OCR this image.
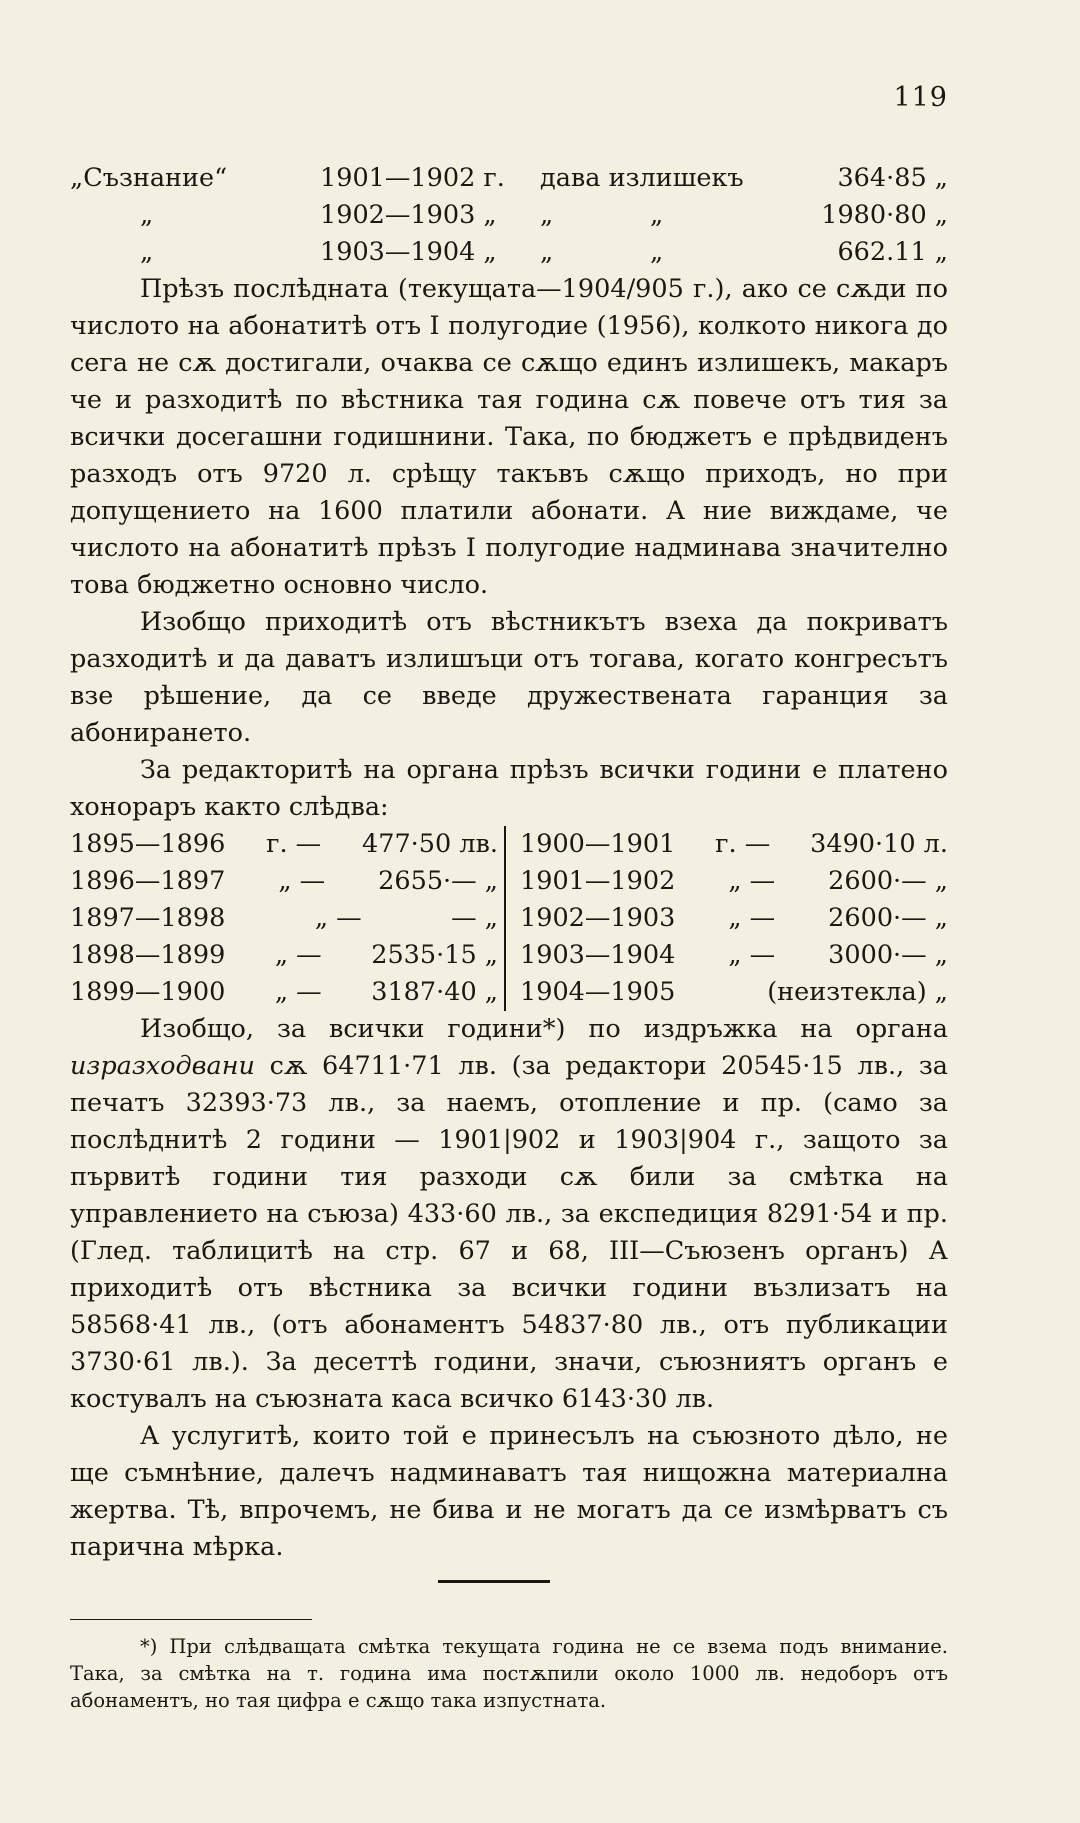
119
„Съзнание“	1901—1902 г.	дава излишекъ	364·85 „
„	1902—1903 „	„	„	1980·80 „
„	1903—1904 „	„	„	662.11 „

Прѣзъ послѣдната (текущата—1904/905 г.), ако се сѫди по числото на абонатитѣ отъ I полугодие (1956), колкото никога до сега не сѫ достигали, очаква се сѫщо единъ излишекъ, макаръ че и разходитѣ по вѣстника тая година сѫ повече отъ тия за всички досегашни годишнини. Така, по бюджетъ е прѣдвиденъ разходъ отъ 9720 л. срѣщу такъвъ сѫщо приходъ, но при допущението на 1600 платили абонати. А ние виждаме, че числото на абонатитѣ прѣзъ I полугодие надминава значително това бюджетно основно число.

Изобщо приходитѣ отъ вѣстникътъ взеха да покриватъ разходитѣ и да даватъ излишъци отъ тогава, когато конгресътъ взе рѣшение, да се введе дружествената гаранция за абонирането.

За редакторитѣ на органа прѣзъ всички години е платено хонораръ както слѣдва:

1895—1896 г. — 477·50 лв.
1896—1897 „ — 2655·— „
1897—1898	„ —	— „
1898—1899 „ — 2535·15 „
1899—1900 „ — 3187·40 „
1900—1901 г. — 3490·10 л.
1901—1902 „ — 2600·— „
1902—1903 „ — 2600·— „
1903—1904 „ — 3000·— „
1904—1905	(неизтекла) „

Изобщо, за всички години*) по издръжка на органа изразходвани сѫ 64711·71 лв. (за редактори 20545·15 лв., за печатъ 32393·73 лв., за наемъ, отопление и пр. (само за послѣднитѣ 2 години — 1901|902 и 1903|904 г., защото за първитѣ години тия разходи сѫ били за смѣтка на управлението на съюза) 433·60 лв., за експедиция 8291·54 и пр. (Глед. таблицитѣ на стр. 67 и 68, III—Съюзенъ органъ) А приходитѣ отъ вѣстника за всички години възлизатъ на 58568·41 лв., (отъ абонаментъ 54837·80 лв., отъ публикации 3730·61 лв.). За десеттѣ години, значи, съюзниятъ органъ е костувалъ на съюзната каса всичко 6143·30 лв.

А услугитѣ, които той е принесълъ на съюзното дѣло, не ще съмнѣние, далечъ надминаватъ тая нищожна материална жертва. Тѣ, впрочемъ, не бива и не могатъ да се измѣрватъ съ парична мѣрка.

*) При слѣдващата смѣтка текущата година не се взема подъ внимание. Така, за смѣтка на т. година има постѫпили около 1000 лв. недоборъ отъ абонаментъ, но тая цифра е сѫщо така изпустната.
